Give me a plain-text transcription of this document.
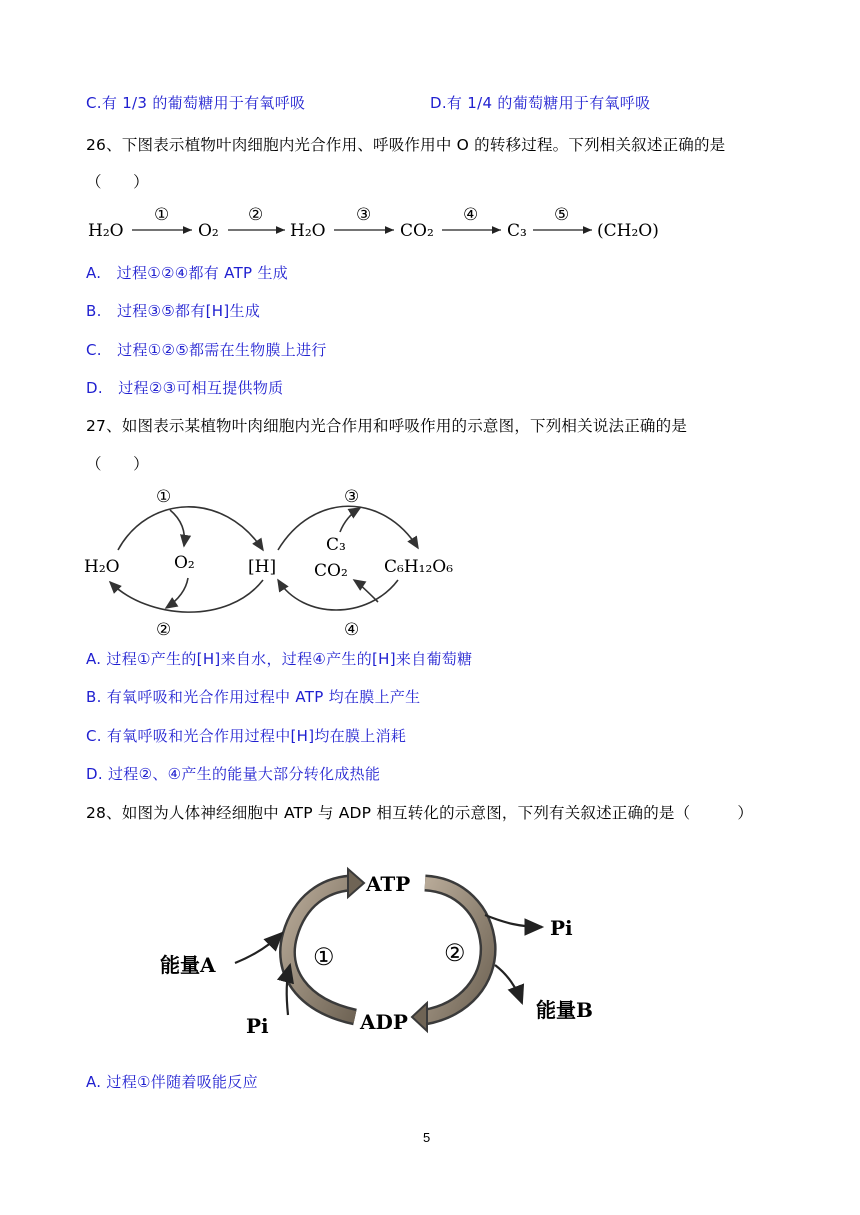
C.有 1/3 的葡萄糖用于有氧呼吸	D.有 1/4 的葡萄糖用于有氧呼吸
26、下图表示植物叶肉细胞内光合作用、呼吸作用中 O 的转移过程。下列相关叙述正确的是
（　　）
H₂O	O₂	H₂O	CO₂	C₃	(CH₂O)
①	②	③	④	⑤
A.　过程①②④都有 ATP 生成
B.　过程③⑤都有[H]生成
C.　过程①②⑤都需在生物膜上进行
D.　过程②③可相互提供物质
27、如图表示某植物叶肉细胞内光合作用和呼吸作用的示意图，下列相关说法正确的是
（　　）
H₂O	O₂	[H]
C₃
CO₂ C₆H₁₂O₆
①
②
③
④
A. 过程①产生的[H]来自水，过程④产生的[H]来自葡萄糖
B. 有氧呼吸和光合作用过程中 ATP 均在膜上产生
C. 有氧呼吸和光合作用过程中[H]均在膜上消耗
D. 过程②、④产生的能量大部分转化成热能
28、如图为人体神经细胞中 ATP 与 ADP 相互转化的示意图，下列有关叙述正确的是（　　　）
ATP
ADP
Pi
Pi
能量A
能量B
①	②
A. 过程①伴随着吸能反应
5
